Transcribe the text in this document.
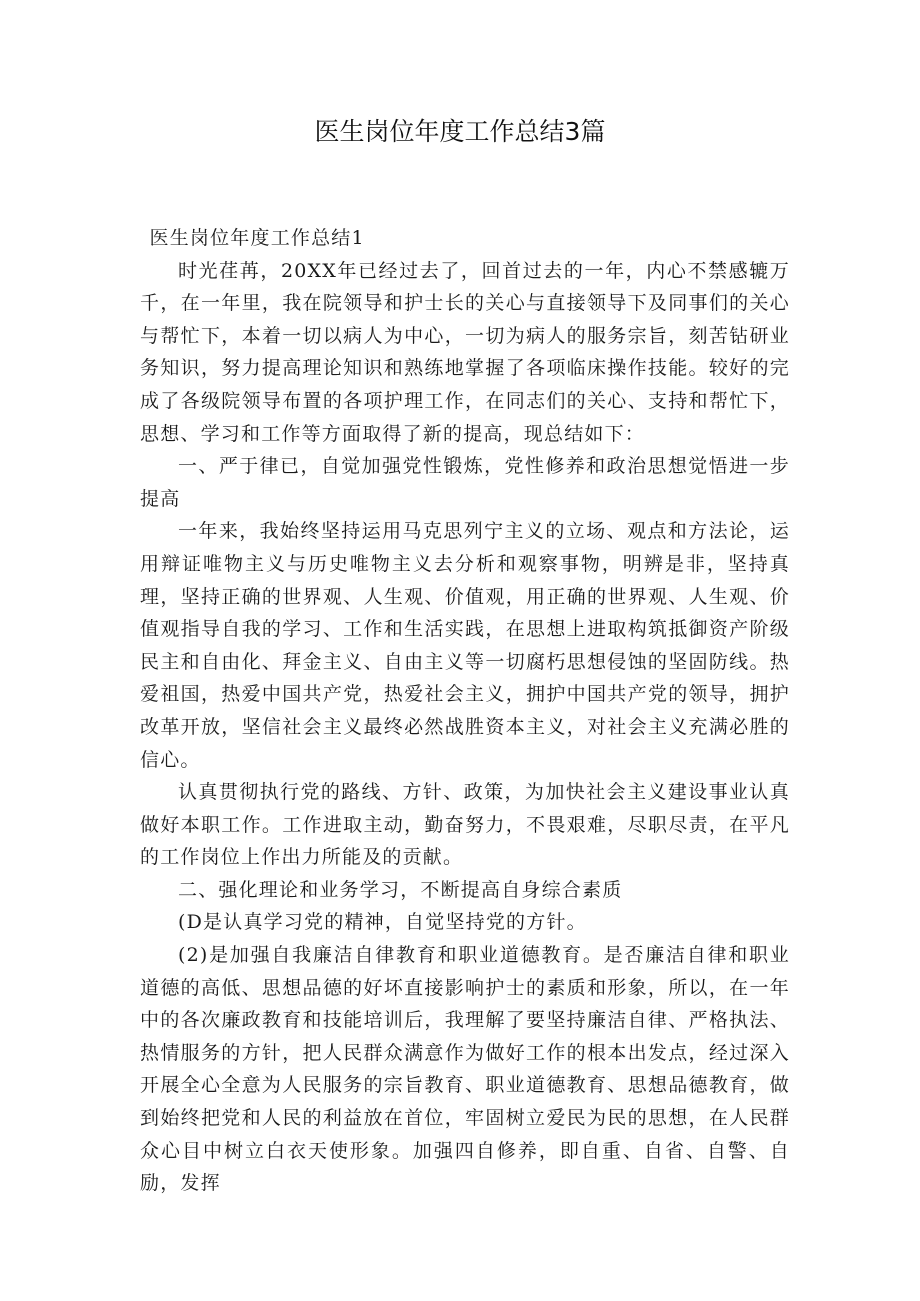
医生岗位年度工作总结3篇

医生岗位年度工作总结1

时光荏苒，20XX年已经过去了，回首过去的一年，内心不禁感辘万千，在一年里，我在院领导和护士长的关心与直接领导下及同事们的关心与帮忙下，本着一切以病人为中心，一切为病人的服务宗旨，刻苦钻研业务知识，努力提高理论知识和熟练地掌握了各项临床操作技能。较好的完成了各级院领导布置的各项护理工作，在同志们的关心、支持和帮忙下，思想、学习和工作等方面取得了新的提高，现总结如下：

一、严于律已，自觉加强党性锻炼，党性修养和政治思想觉悟进一步提高

一年来，我始终坚持运用马克思列宁主义的立场、观点和方法论，运用辩证唯物主义与历史唯物主义去分析和观察事物，明辨是非，坚持真理，坚持正确的世界观、人生观、价值观，用正确的世界观、人生观、价值观指导自我的学习、工作和生活实践，在思想上进取构筑抵御资产阶级民主和自由化、拜金主义、自由主义等一切腐朽思想侵蚀的坚固防线。热爱祖国，热爱中国共产党，热爱社会主义，拥护中国共产党的领导，拥护改革开放，坚信社会主义最终必然战胜资本主义，对社会主义充满必胜的信心。

认真贯彻执行党的路线、方针、政策，为加快社会主义建设事业认真做好本职工作。工作进取主动，勤奋努力，不畏艰难，尽职尽责，在平凡的工作岗位上作出力所能及的贡献。

二、强化理论和业务学习，不断提高自身综合素质

(D是认真学习党的精神，自觉坚持党的方针。

(2)是加强自我廉洁自律教育和职业道德教育。是否廉洁自律和职业道德的高低、思想品德的好坏直接影响护士的素质和形象，所以，在一年中的各次廉政教育和技能培训后，我理解了要坚持廉洁自律、严格执法、热情服务的方针，把人民群众满意作为做好工作的根本出发点，经过深入开展全心全意为人民服务的宗旨教育、职业道德教育、思想品德教育，做到始终把党和人民的利益放在首位，牢固树立爱民为民的思想，在人民群众心目中树立白衣天使形象。加强四自修养，即自重、自省、自警、自励，发挥
